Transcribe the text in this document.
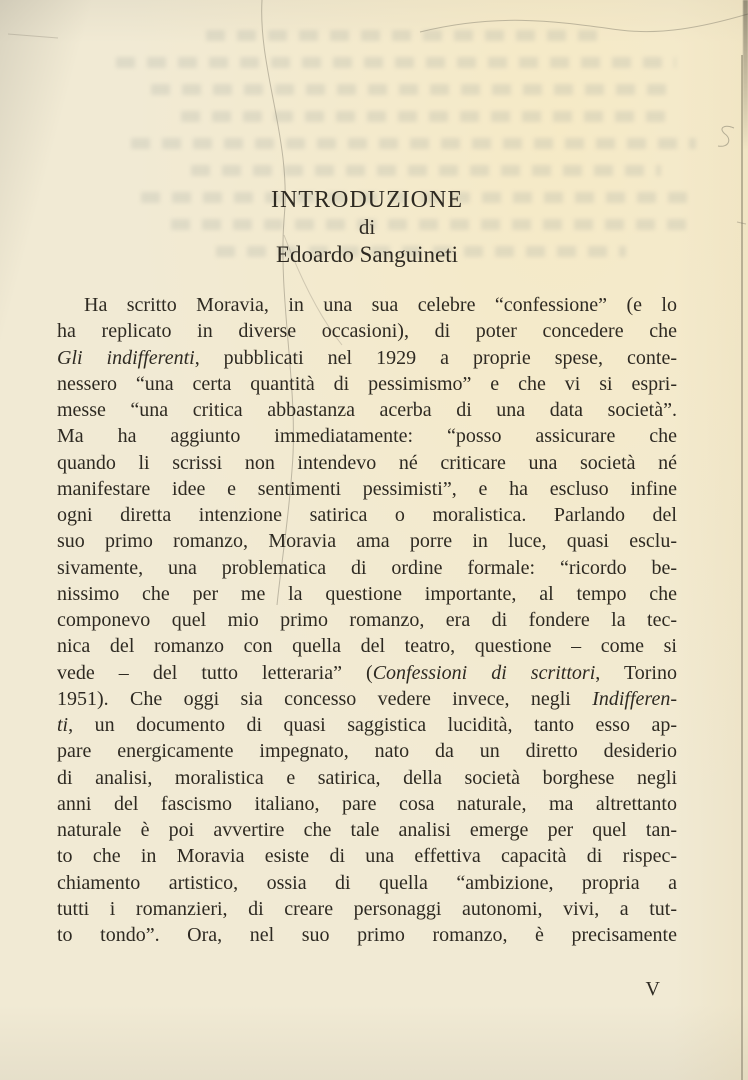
INTRODUZIONE
di
Edoardo Sanguineti
Ha scritto Moravia, in una sua celebre “confessione” (e lo
ha replicato in diverse occasioni), di poter concedere che
Gli indifferenti, pubblicati nel 1929 a proprie spese, conte-
nessero “una certa quantità di pessimismo” e che vi si espri-
messe “una critica abbastanza acerba di una data società”.
Ma ha aggiunto immediatamente: “posso assicurare che
quando li scrissi non intendevo né criticare una società né
manifestare idee e sentimenti pessimisti”, e ha escluso infine
ogni diretta intenzione satirica o moralistica. Parlando del
suo primo romanzo, Moravia ama porre in luce, quasi esclu-
sivamente, una problematica di ordine formale: “ricordo be-
nissimo che per me la questione importante, al tempo che
componevo quel mio primo romanzo, era di fondere la tec-
nica del romanzo con quella del teatro, questione – come si
vede – del tutto letteraria” (Confessioni di scrittori, Torino
1951). Che oggi sia concesso vedere invece, negli Indifferen-
ti, un documento di quasi saggistica lucidità, tanto esso ap-
pare energicamente impegnato, nato da un diretto desiderio
di analisi, moralistica e satirica, della società borghese negli
anni del fascismo italiano, pare cosa naturale, ma altrettanto
naturale è poi avvertire che tale analisi emerge per quel tan-
to che in Moravia esiste di una effettiva capacità di rispec-
chiamento artistico, ossia di quella “ambizione, propria a
tutti i romanzieri, di creare personaggi autonomi, vivi, a tut-
to tondo”. Ora, nel suo primo romanzo, è precisamente
V
